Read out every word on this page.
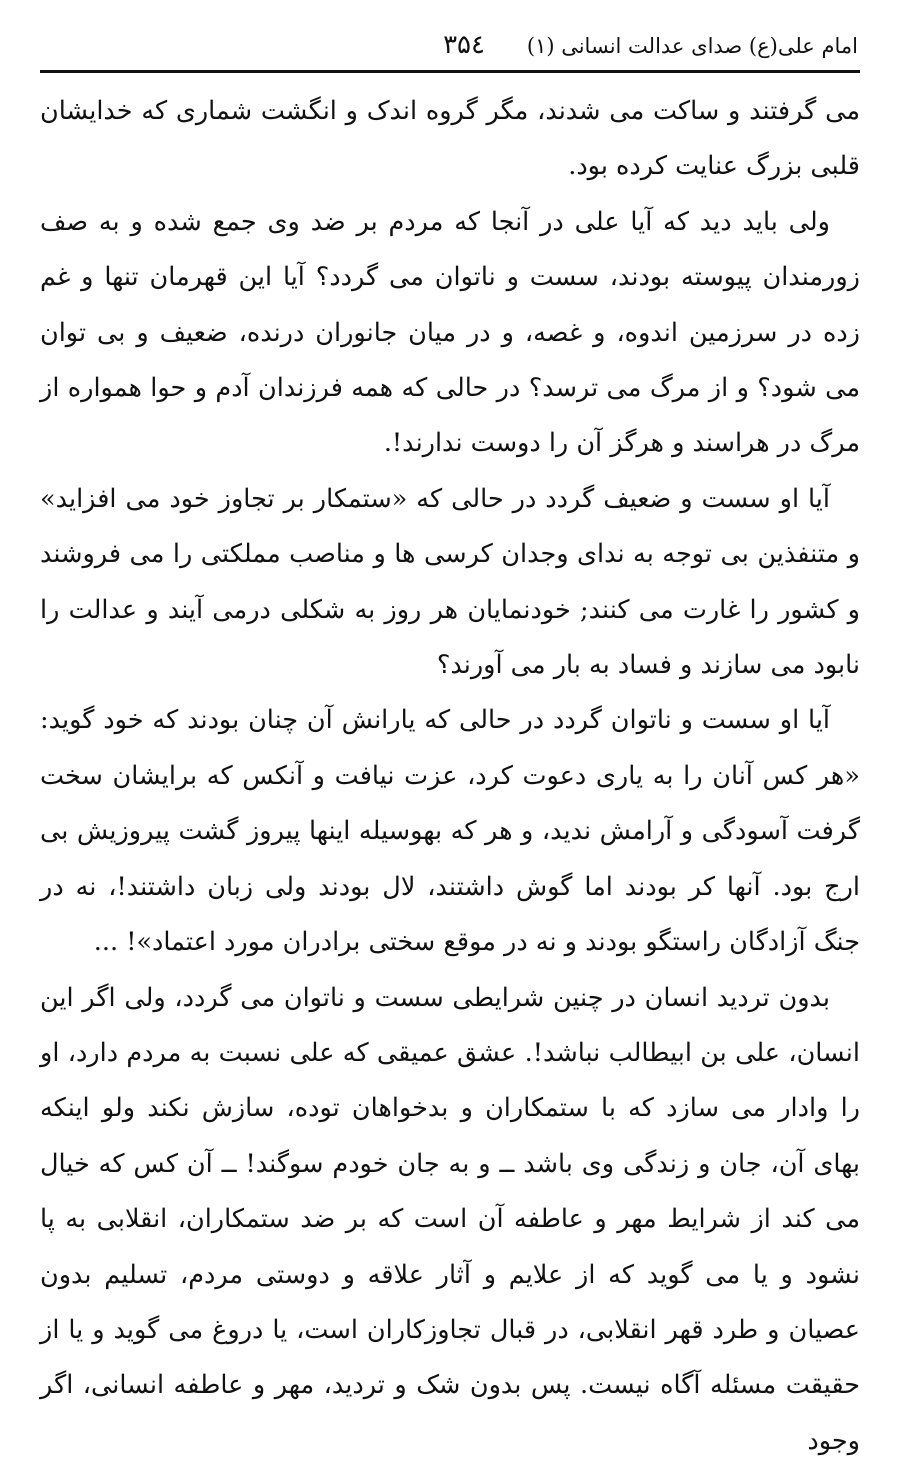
امام علی(ع) صدای عدالت انسانی (۱)
۳۵٤

می گرفتند و ساکت می شدند، مگر گروه اندک و انگشت شماری که خدایشان قلبی بزرگ عنایت کرده بود.

ولی باید دید که آیا علی در آنجا که مردم بر ضد وی جمع شده و به صف زورمندان پیوسته بودند، سست و ناتوان می گردد؟ آیا این قهرمان تنها و غم زده در سرزمین اندوه، و غصه، و در میان جانوران درنده، ضعیف و بی توان می شود؟ و از مرگ می ترسد؟ در حالی که همه فرزندان آدم و حوا همواره از مرگ در هراسند و هرگز آن را دوست ندارند!.

آیا او سست و ضعیف گردد در حالی که «ستمکار بر تجاوز خود می افزاید» و متنفذین بی توجه به ندای وجدان کرسی ها و مناصب مملکتی را می فروشند و کشور را غارت می کنند; خودنمایان هر روز به شکلی درمی آیند و عدالت را نابود می سازند و فساد به بار می آورند؟

آیا او سست و ناتوان گردد در حالی که یارانش آن چنان بودند که خود گوید: «هر کس آنان را به یاری دعوت کرد، عزت نیافت و آنکس که برایشان سخت گرفت آسودگی و آرامش ندید، و هر که بهوسیله اینها پیروز گشت پیروزیش بی ارج بود. آنها کر بودند اما گوش داشتند، لال بودند ولی زبان داشتند!، نه در جنگ آزادگان راستگو بودند و نه در موقع سختی برادران مورد اعتماد»! ...

بدون تردید انسان در چنین شرایطی سست و ناتوان می گردد، ولی اگر این انسان، علی بن ابیطالب نباشد!. عشق عمیقی که علی نسبت به مردم دارد، او را وادار می سازد که با ستمکاران و بدخواهان توده، سازش نکند ولو اینکه بهای آن، جان و زندگی وی باشد ــ و به جان خودم سوگند! ــ آن کس که خیال می کند از شرایط مهر و عاطفه آن است که بر ضد ستمکاران، انقلابی به پا نشود و یا می گوید که از علایم و آثار علاقه و دوستی مردم، تسلیم بدون عصیان و طرد قهر انقلابی، در قبال تجاوزکاران است، یا دروغ می گوید و یا از حقیقت مسئله آگاه نیست. پس بدون شک و تردید، مهر و عاطفه انسانی، اگر وجود
